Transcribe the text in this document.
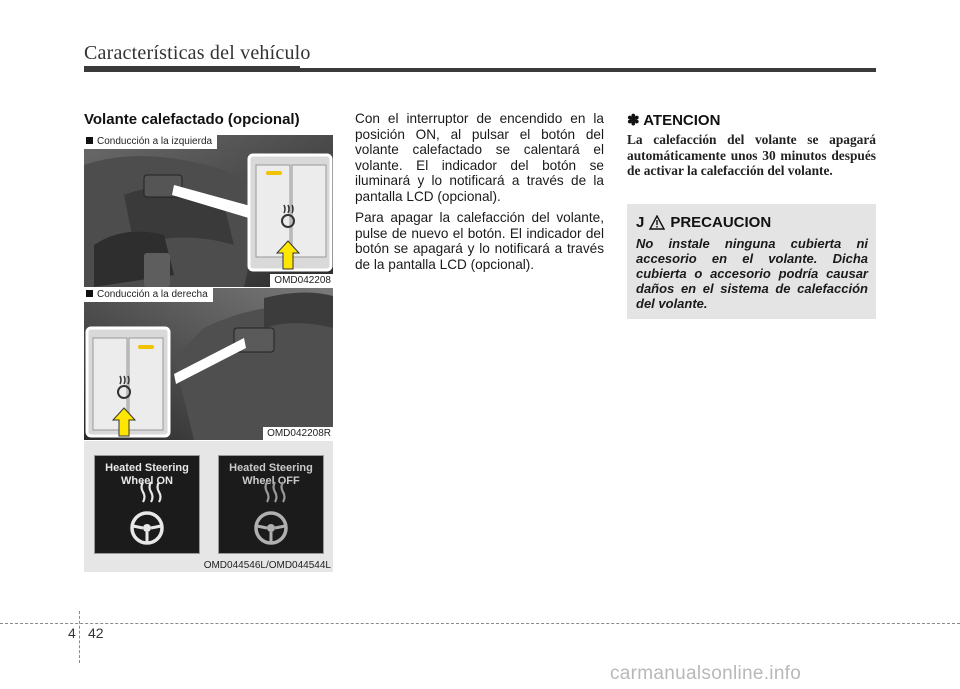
Características del vehículo
Volante calefactado (opcional)
Conducción a la izquierda
OMD042208
Conducción a la derecha
OMD042208R
Heated Steering
Wheel ON
Heated Steering
Wheel OFF
OMD044546L/OMD044544L

Con el interruptor de encendido en la posición ON, al pulsar el botón del volante calefactado se calentará el volante. El indicador del botón se iluminará y lo notificará a través de la pantalla LCD (opcional).

Para apagar la calefacción del volante, pulse de nuevo el botón. El indicador del botón se apagará y lo notificará a través de la pantalla LCD (opcional).

✽ ATENCION
La calefacción del volante se apagará automáticamente unos 30 minutos después de activar la calefacción del volante.
J PRECAUCION
No instale ninguna cubierta ni accesorio en el volante. Dicha cubierta o accesorio podría causar daños en el sistema de calefacción del volante.
4 42
carmanualsonline.info
